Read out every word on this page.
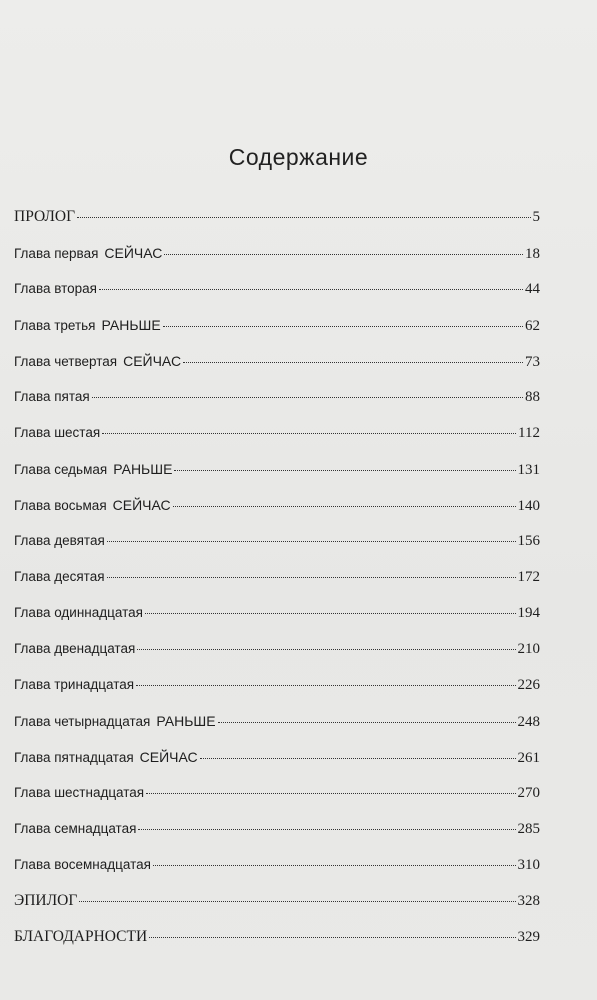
Содержание
ПРОЛОГ	5
Глава первая СЕЙЧАС	18
Глава вторая	44
Глава третья РАНЬШЕ	62
Глава четвертая СЕЙЧАС	73
Глава пятая	88
Глава шестая	112
Глава седьмая РАНЬШЕ	131
Глава восьмая СЕЙЧАС	140
Глава девятая	156
Глава десятая	172
Глава одиннадцатая	194
Глава двенадцатая	210
Глава тринадцатая	226
Глава четырнадцатая РАНЬШЕ	248
Глава пятнадцатая СЕЙЧАС	261
Глава шестнадцатая	270
Глава семнадцатая	285
Глава восемнадцатая	310
ЭПИЛОГ	328
БЛАГОДАРНОСТИ	329
